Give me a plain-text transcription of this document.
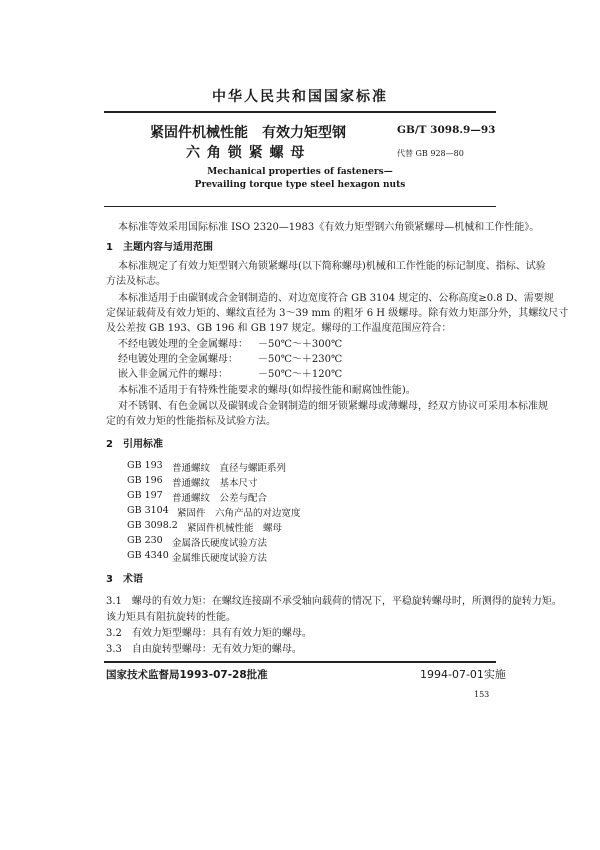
中华人民共和国国家标准
紧固件机械性能　有效力矩型钢
六 角 锁 紧 螺 母
GB/T 3098.9—93
代替 GB 928—80
Mechanical properties of fasteners—
Prevailing torque type steel hexagon nuts
本标准等效采用国际标准 ISO 2320—1983《有效力矩型钢六角锁紧螺母—机械和工作性能》。
1　主题内容与适用范围
本标准规定了有效力矩型钢六角锁紧螺母(以下简称螺母)机械和工作性能的标记制度、指标、试验
方法及标志。
本标准适用于由碳钢或合金钢制造的、对边宽度符合 GB 3104 规定的、公称高度≥0.8 D、需要规
定保证载荷及有效力矩的、螺纹直径为 3～39 mm 的粗牙 6 H 级螺母。除有效力矩部分外，其螺纹尺寸
及公差按 GB 193、GB 196 和 GB 197 规定。螺母的工作温度范围应符合：
不经电镀处理的全金属螺母： －50℃～＋300℃
经电镀处理的全金属螺母： －50℃～＋230℃
嵌入非金属元件的螺母：	－50℃～＋120℃
本标准不适用于有特殊性能要求的螺母(如焊接性能和耐腐蚀性能)。
对不锈钢、有色金属以及碳钢或合金钢制造的细牙锁紧螺母或薄螺母，经双方协议可采用本标准规
定的有效力矩的性能指标及试验方法。
2　引用标准
GB 193 普通螺纹　直径与螺距系列
GB 196 普通螺纹　基本尺寸
GB 197 普通螺纹　公差与配合
GB 3104 紧固件　六角产品的对边宽度
GB 3098.2 紧固件机械性能　螺母
GB 230 金属洛氏硬度试验方法
GB 4340 金属维氏硬度试验方法
3　术语
3.1　螺母的有效力矩：在螺纹连接副不承受轴向载荷的情况下，平稳旋转螺母时，所测得的旋转力矩。
该力矩具有阻抗旋转的性能。
3.2　有效力矩型螺母：具有有效力矩的螺母。
3.3　自由旋转型螺母：无有效力矩的螺母。
国家技术监督局1993-07-28批准	1994-07-01实施
153
